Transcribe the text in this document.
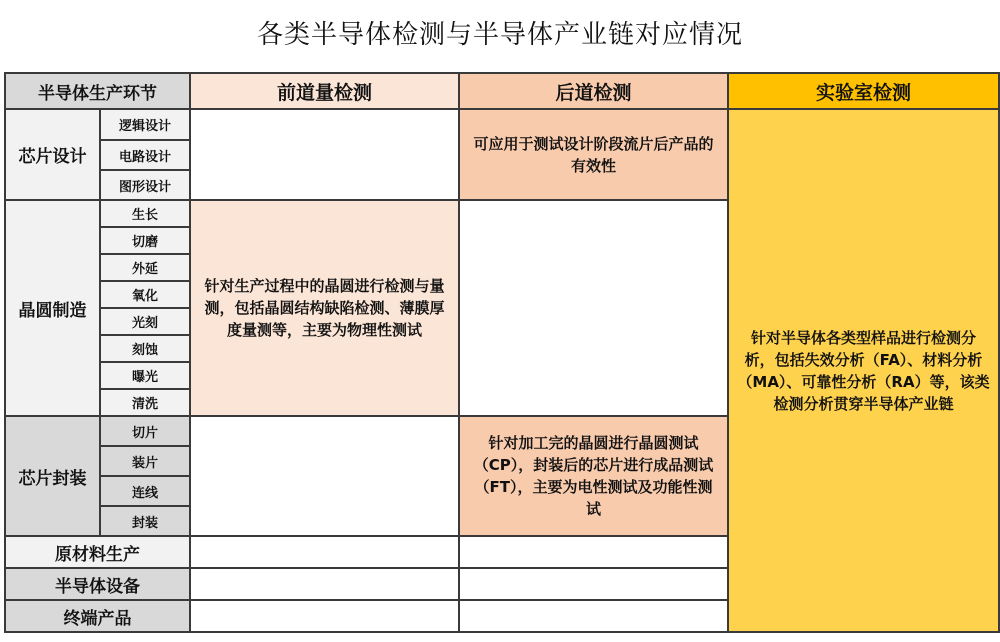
各类半导体检测与半导体产业链对应情况
半导体生产环节		前道量检测	后道检测	实验室检测
芯片设计	逻辑设计		可应用于测试设计阶段流片后产品的有效性	针对半导体各类型样品进行检测分析，包括失效分析（FA）、材料分析（MA）、可靠性分析（RA）等，该类检测分析贯穿半导体产业链

	电路设计			
	图形设计			
晶圆制造	生长	针对生产过程中的晶圆进行检测与量测，包括晶圆结构缺陷检测、薄膜厚度量测等，主要为物理性测试		

	切磨			
	外延			
	氧化			
	光刻			
	刻蚀			
	曝光			
	清洗			
芯片封装	切片		针对加工完的晶圆进行晶圆测试（CP），封装后的芯片进行成品测试（FT），主要为电性测试及功能性测试	

	装片			
	连线			
	封装			
原材料生产				
半导体设备				
终端产品				
